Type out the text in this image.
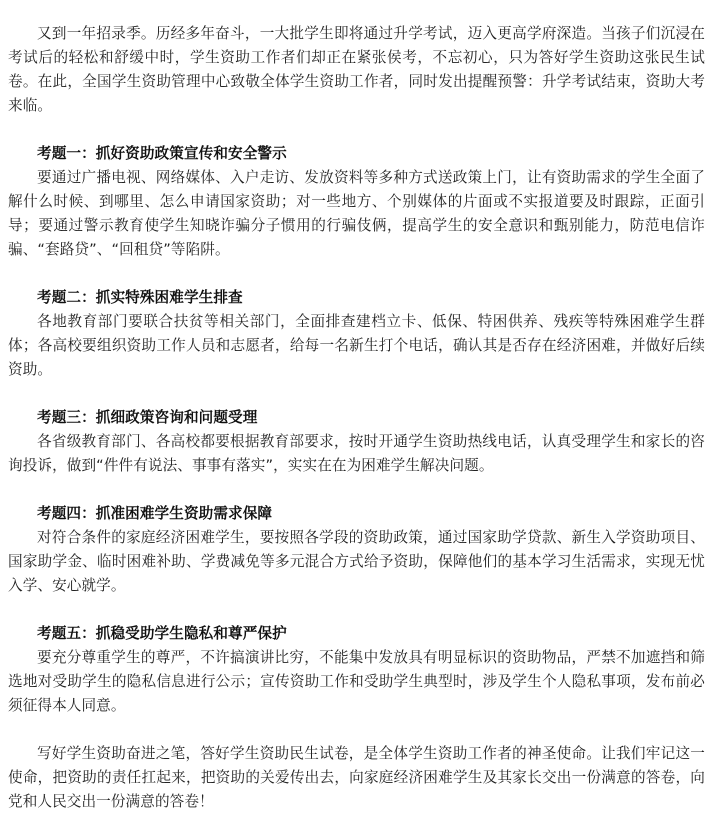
又到一年招录季。历经多年奋斗，一大批学生即将通过升学考试，迈入更高学府深造。当孩子们沉浸在考试后的轻松和舒缓中时，学生资助工作者们却正在紧张侯考，不忘初心，只为答好学生资助这张民生试卷。在此，全国学生资助管理中心致敬全体学生资助工作者，同时发出提醒预警：升学考试结束，资助大考来临。

考题一：抓好资助政策宣传和安全警示

要通过广播电视、网络媒体、入户走访、发放资料等多种方式送政策上门，让有资助需求的学生全面了解什么时候、到哪里、怎么申请国家资助；对一些地方、个别媒体的片面或不实报道要及时跟踪，正面引导；要通过警示教育使学生知晓诈骗分子惯用的行骗伎俩，提高学生的安全意识和甄别能力，防范电信诈骗、“套路贷”、“回租贷”等陷阱。

考题二：抓实特殊困难学生排查

各地教育部门要联合扶贫等相关部门，全面排查建档立卡、低保、特困供养、残疾等特殊困难学生群体；各高校要组织资助工作人员和志愿者，给每一名新生打个电话，确认其是否存在经济困难，并做好后续资助。

考题三：抓细政策咨询和问题受理

各省级教育部门、各高校都要根据教育部要求，按时开通学生资助热线电话，认真受理学生和家长的咨询投诉，做到“件件有说法、事事有落实”，实实在在为困难学生解决问题。

考题四：抓准困难学生资助需求保障

对符合条件的家庭经济困难学生，要按照各学段的资助政策，通过国家助学贷款、新生入学资助项目、国家助学金、临时困难补助、学费减免等多元混合方式给予资助，保障他们的基本学习生活需求，实现无忧入学、安心就学。

考题五：抓稳受助学生隐私和尊严保护

要充分尊重学生的尊严，不许搞演讲比穷，不能集中发放具有明显标识的资助物品，严禁不加遮挡和筛选地对受助学生的隐私信息进行公示；宣传资助工作和受助学生典型时，涉及学生个人隐私事项，发布前必须征得本人同意。

写好学生资助奋进之笔，答好学生资助民生试卷，是全体学生资助工作者的神圣使命。让我们牢记这一使命，把资助的责任扛起来，把资助的关爱传出去，向家庭经济困难学生及其家长交出一份满意的答卷，向党和人民交出一份满意的答卷！
